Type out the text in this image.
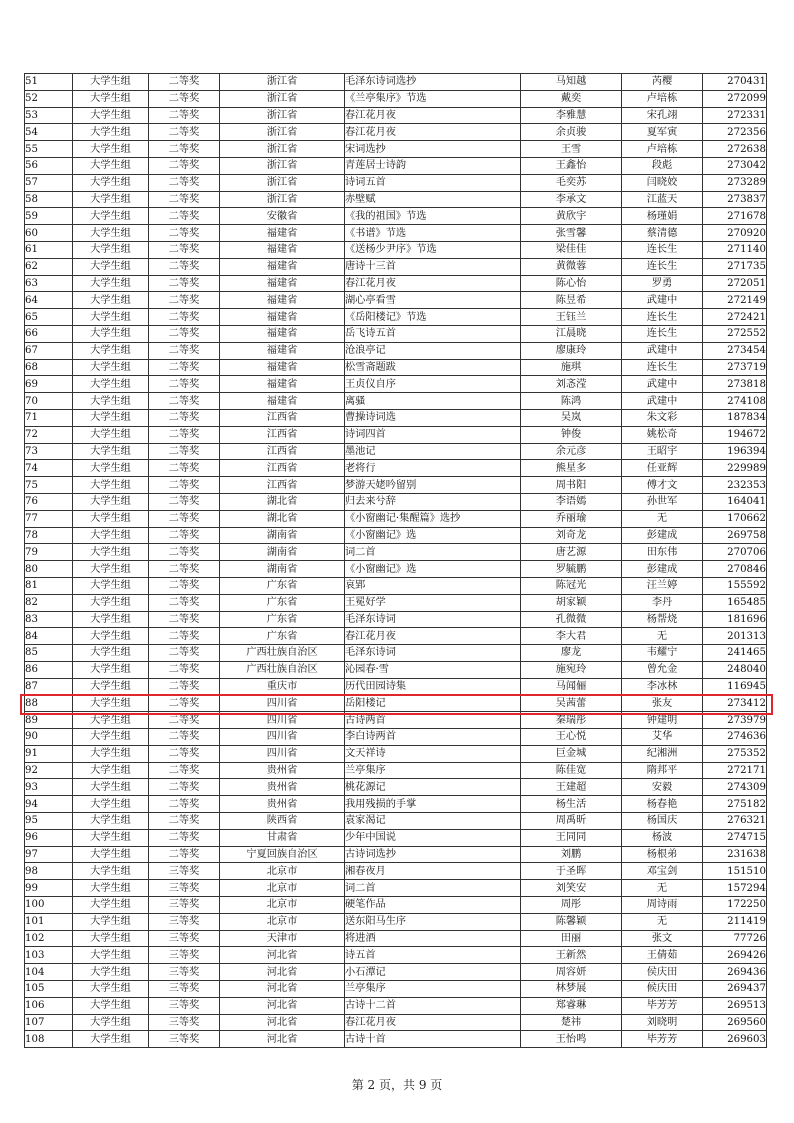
51	大学生组	二等奖	浙江省	毛泽东诗词选抄	马知越	芮樱	270431
52	大学生组	二等奖	浙江省	《兰亭集序》节选	戴奕	卢培栋	272099
53	大学生组	二等奖	浙江省	春江花月夜	李雅慧	宋孔翊	272331
54	大学生组	二等奖	浙江省	春江花月夜	余贞骏	夏军寅	272356
55	大学生组	二等奖	浙江省	宋词选抄	王雪	卢培栋	272638
56	大学生组	二等奖	浙江省	青莲居士诗韵	王鑫怡	段彪	273042
57	大学生组	二等奖	浙江省	诗词五首	毛奕苏	闫晓姣	273289
58	大学生组	二等奖	浙江省	赤壁赋	李承文	江蓝天	273837
59	大学生组	二等奖	安徽省	《我的祖国》节选	黄欣宇	杨瑾娟	271678
60	大学生组	二等奖	福建省	《书谱》节选	张雪馨	蔡清德	270920
61	大学生组	二等奖	福建省	《送杨少尹序》节选	梁佳佳	连长生	271140
62	大学生组	二等奖	福建省	唐诗十三首	黄微蓉	连长生	271735
63	大学生组	二等奖	福建省	春江花月夜	陈心怡	罗勇	272051
64	大学生组	二等奖	福建省	湖心亭看雪	陈昱希	武建中	272149
65	大学生组	二等奖	福建省	《岳阳楼记》节选	王钰兰	连长生	272421
66	大学生组	二等奖	福建省	岳飞诗五首	江晨晓	连长生	272552
67	大学生组	二等奖	福建省	沧浪亭记	廖康玲	武建中	273454
68	大学生组	二等奖	福建省	松雪斋题跋	施琪	连长生	273719
69	大学生组	二等奖	福建省	王贞仪自序	刘忞滢	武建中	273818
70	大学生组	二等奖	福建省	离骚	陈鸿	武建中	274108
71	大学生组	二等奖	江西省	曹操诗词选	吴岚	朱文彩	187834
72	大学生组	二等奖	江西省	诗词四首	钟俊	姚松奇	194672
73	大学生组	二等奖	江西省	墨池记	余元彦	王昭宇	196394
74	大学生组	二等奖	江西省	老将行	熊星多	任亚辉	229989
75	大学生组	二等奖	江西省	梦游天姥吟留别	周书阳	傅才文	232353
76	大学生组	二等奖	湖北省	归去来兮辞	李语嫣	孙世军	164041
77	大学生组	二等奖	湖北省	《小窗幽记·集醒篇》选抄	乔丽瑜	无	170662
78	大学生组	二等奖	湖南省	《小窗幽记》选	刘奇龙	彭建成	269758
79	大学生组	二等奖	湖南省	词二首	唐艺源	田东伟	270706
80	大学生组	二等奖	湖南省	《小窗幽记》选	罗毓鹏	彭建成	270846
81	大学生组	二等奖	广东省	哀郢	陈冠光	汪兰婷	155592
82	大学生组	二等奖	广东省	王冕好学	胡家颖	李丹	165485
83	大学生组	二等奖	广东省	毛泽东诗词	孔微微	杨帮烧	181696
84	大学生组	二等奖	广东省	春江花月夜	李大君	无	201313
85	大学生组	二等奖	广西壮族自治区	毛泽东诗词	廖龙	韦耀宁	241465
86	大学生组	二等奖	广西壮族自治区	沁园春·雪	施宛玲	曾允金	248040
87	大学生组	二等奖	重庆市	历代田园诗集	马闻俪	李冰林	116945
88	大学生组	二等奖	四川省	岳阳楼记	吴茜蕾	张友	273412
89	大学生组	二等奖	四川省	古诗两首	秦瑞彤	钟建明	273979
90	大学生组	二等奖	四川省	李白诗两首	王心悦	艾华	274636
91	大学生组	二等奖	四川省	文天祥诗	巨金城	纪湘洲	275352
92	大学生组	二等奖	贵州省	兰亭集序	陈佳宽	隋邦平	272171
93	大学生组	二等奖	贵州省	桃花源记	王建超	安毅	274309
94	大学生组	二等奖	贵州省	我用残损的手掌	杨生活	杨春艳	275182
95	大学生组	二等奖	陕西省	袁家渴记	周禹昕	杨国庆	276321
96	大学生组	二等奖	甘肃省	少年中国说	王同同	杨波	274715
97	大学生组	二等奖	宁夏回族自治区	古诗词选抄	刘鹏	杨根弟	231638
98	大学生组	三等奖	北京市	湘春夜月	于圣晖	邓宝剑	151510
99	大学生组	三等奖	北京市	词二首	刘笑安	无	157294
100	大学生组	三等奖	北京市	硬笔作品	周彤	周诗雨	172250
101	大学生组	三等奖	北京市	送东阳马生序	陈馨颖	无	211419
102	大学生组	三等奖	天津市	将进酒	田丽	张文	77726
103	大学生组	三等奖	河北省	诗五首	王新然	王倩茹	269426
104	大学生组	三等奖	河北省	小石潭记	周容妍	侯庆田	269436
105	大学生组	三等奖	河北省	兰亭集序	林梦展	候庆田	269437
106	大学生组	三等奖	河北省	古诗十二首	郑睿琳	毕芳芳	269513
107	大学生组	三等奖	河北省	春江花月夜	楚祎	刘晓明	269560
108	大学生组	三等奖	河北省	古诗十首	王怡鸣	毕芳芳	269603
第 2 页，共 9 页
